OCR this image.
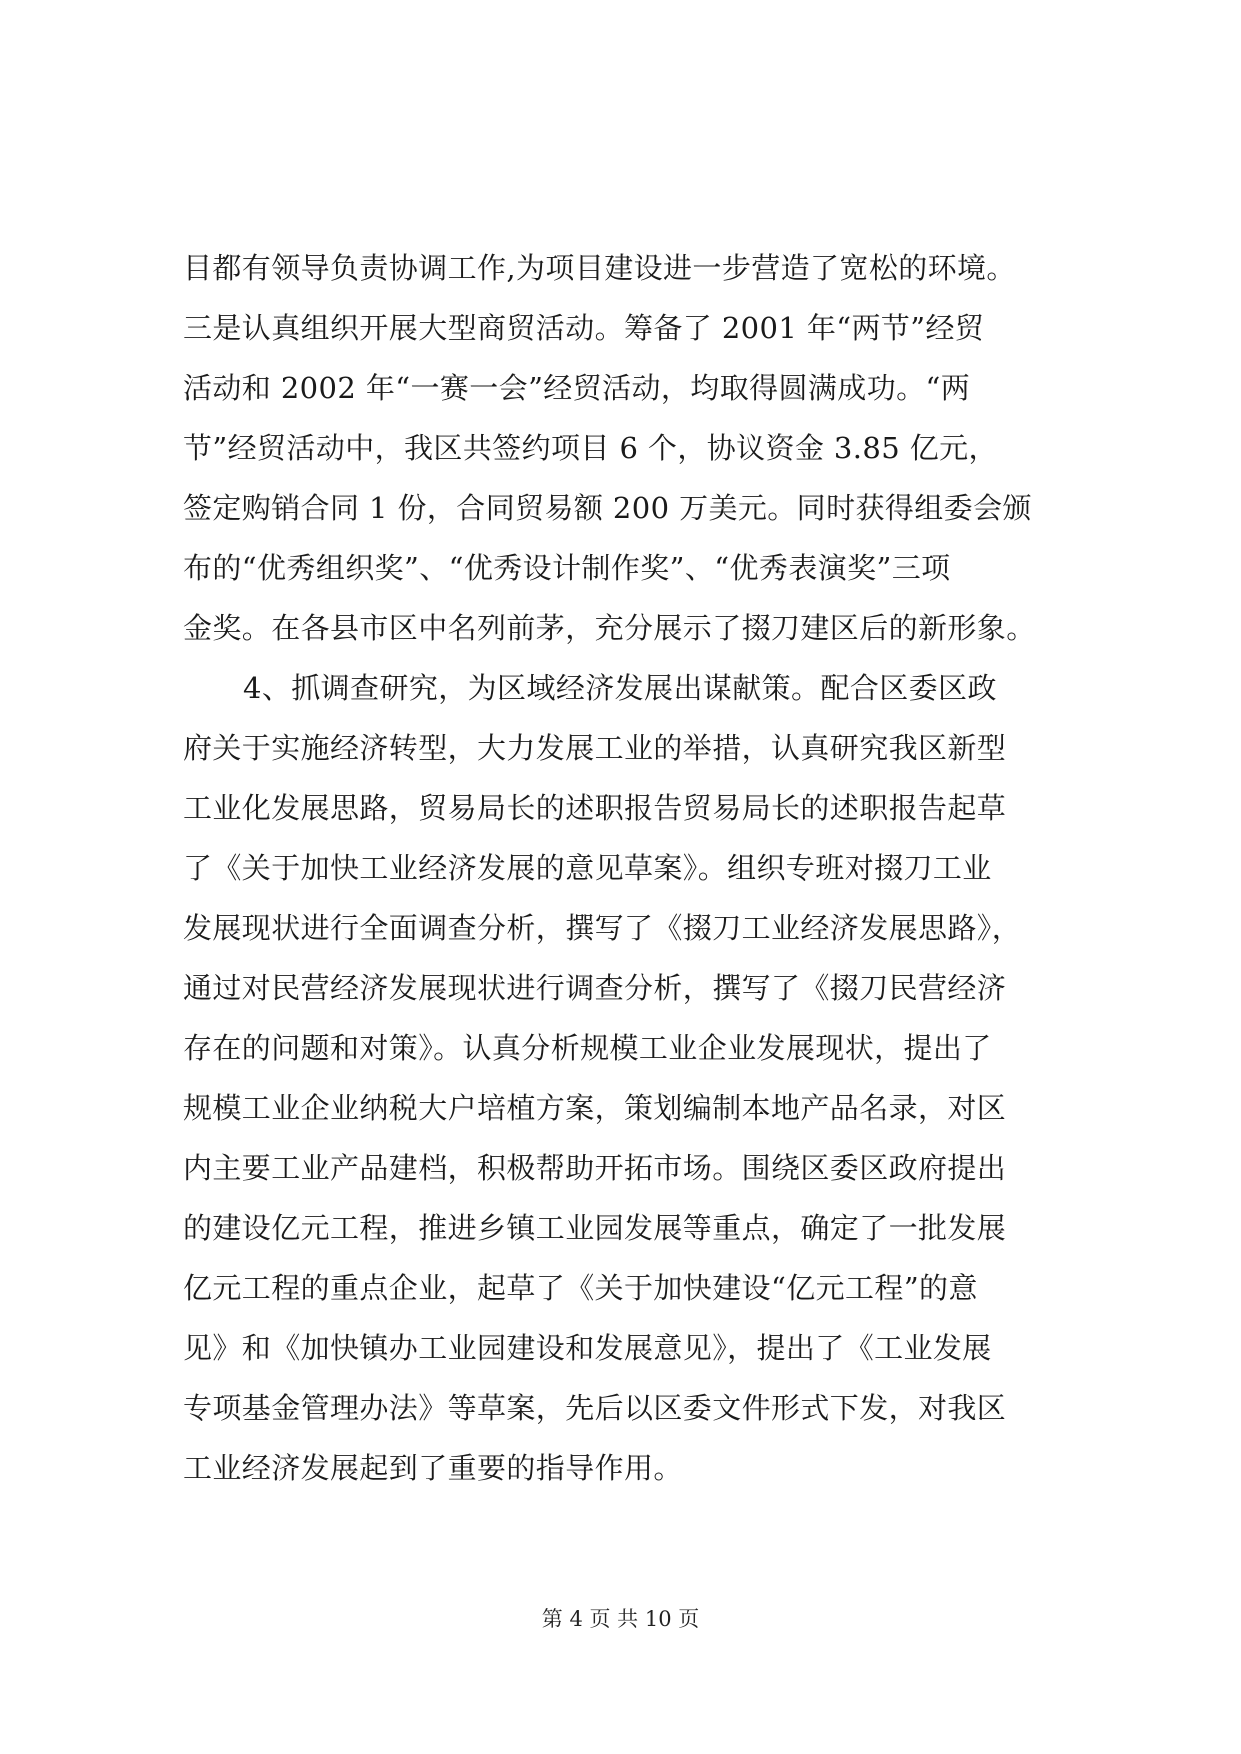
目都有领导负责协调工作,为项目建设进一步营造了宽松的环境。
三是认真组织开展大型商贸活动。筹备了 2001 年“两节”经贸
活动和 2002 年“一赛一会”经贸活动，均取得圆满成功。“两
节”经贸活动中，我区共签约项目 6 个，协议资金 3.85 亿元，
签定购销合同 1 份，合同贸易额 200 万美元。同时获得组委会颁
布的“优秀组织奖”、“优秀设计制作奖”、“优秀表演奖”三项
金奖。在各县市区中名列前茅，充分展示了掇刀建区后的新形象。
4、抓调查研究，为区域经济发展出谋献策。配合区委区政
府关于实施经济转型，大力发展工业的举措，认真研究我区新型
工业化发展思路，贸易局长的述职报告贸易局长的述职报告起草
了《关于加快工业经济发展的意见草案》。组织专班对掇刀工业
发展现状进行全面调查分析，撰写了《掇刀工业经济发展思路》，
通过对民营经济发展现状进行调查分析，撰写了《掇刀民营经济
存在的问题和对策》。认真分析规模工业企业发展现状，提出了
规模工业企业纳税大户培植方案，策划编制本地产品名录，对区
内主要工业产品建档，积极帮助开拓市场。围绕区委区政府提出
的建设亿元工程，推进乡镇工业园发展等重点，确定了一批发展
亿元工程的重点企业，起草了《关于加快建设“亿元工程”的意
见》和《加快镇办工业园建设和发展意见》，提出了《工业发展
专项基金管理办法》等草案，先后以区委文件形式下发，对我区
工业经济发展起到了重要的指导作用。
第 4 页 共 10 页
